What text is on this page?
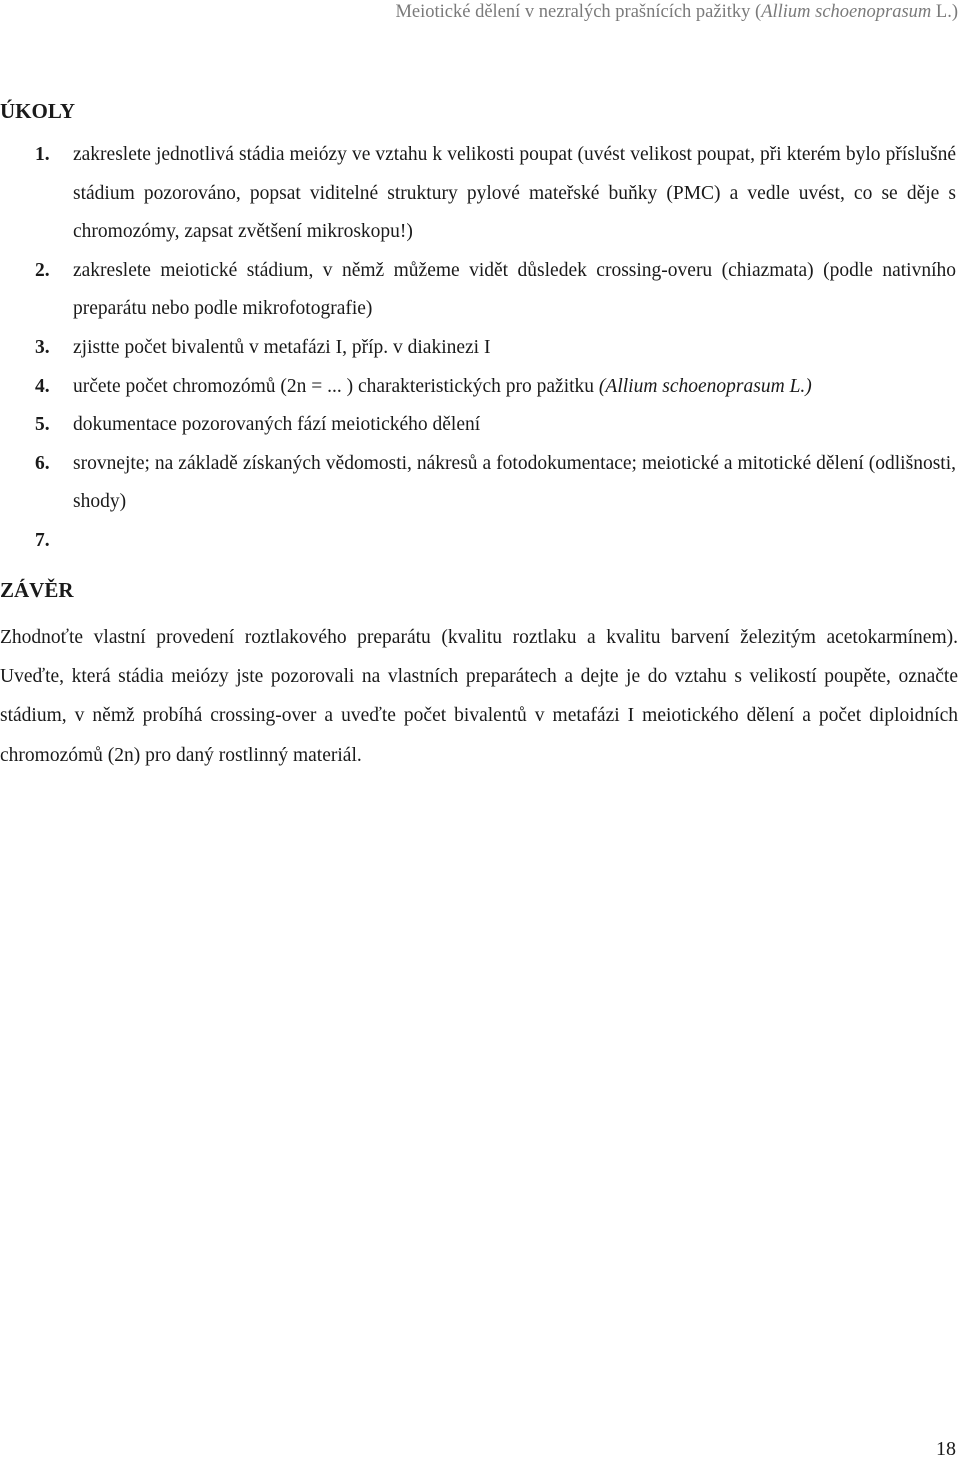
Meiotické dělení v nezralých prašnících pažitky (Allium schoenoprasum L.)
ÚKOLY
1. zakreslete jednotlivá stádia meiózy ve vztahu k velikosti poupat (uvést velikost poupat, při kterém bylo příslušné stádium pozorováno, popsat viditelné struktury pylové mateřské buňky (PMC) a vedle uvést, co se děje s chromozómy, zapsat zvětšení mikroskopu!)
2. zakreslete meiotické stádium, v němž můžeme vidět důsledek crossing-overu (chiazmata) (podle nativního preparátu nebo podle mikrofotografie)
3. zjistte počet bivalentů v metafázi I, příp. v diakinezi I
4. určete počet chromozómů (2n = ... ) charakteristických pro pažitku (Allium schoenoprasum L.)
5. dokumentace pozorovaných fází meiotického dělení
6. srovnejte; na základě získaných vědomosti, nákresů a fotodokumentace; meiotické a mitotické dělení (odlišnosti, shody)
7.
ZÁVĚR

Zhodnoťte vlastní provedení roztlakového preparátu (kvalitu roztlaku a kvalitu barvení železitým acetokarmínem). Uveďte, která stádia meiózy jste pozorovali na vlastních preparátech a dejte je do vztahu s velikostí poupěte, označte stádium, v němž probíhá crossing-over a uveďte počet bivalentů v metafázi I meiotického dělení a počet diploidních chromozómů (2n) pro daný rostlinný materiál.

18
